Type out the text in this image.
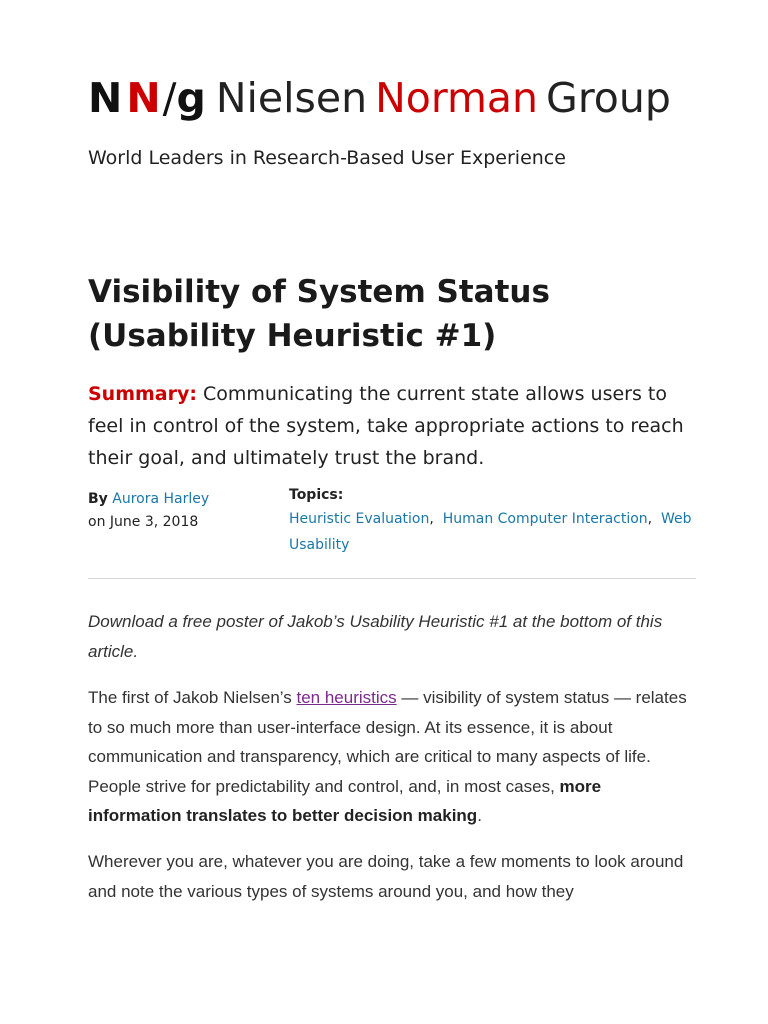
NN/g Nielsen Norman Group
World Leaders in Research-Based User Experience
Visibility of System Status (Usability Heuristic #1)
Summary: Communicating the current state allows users to feel in control of the system, take appropriate actions to reach their goal, and ultimately trust the brand.
By Aurora Harley
on June 3, 2018
Topics:
Heuristic Evaluation, Human Computer Interaction, Web Usability

Download a free poster of Jakob’s Usability Heuristic #1 at the bottom of this article.

The first of Jakob Nielsen’s ten heuristics — visibility of system status — relates to so much more than user-interface design. At its essence, it is about communication and transparency, which are critical to many aspects of life. People strive for predictability and control, and, in most cases, more information translates to better decision making.

Wherever you are, whatever you are doing, take a few moments to look around and note the various types of systems around you, and how they
